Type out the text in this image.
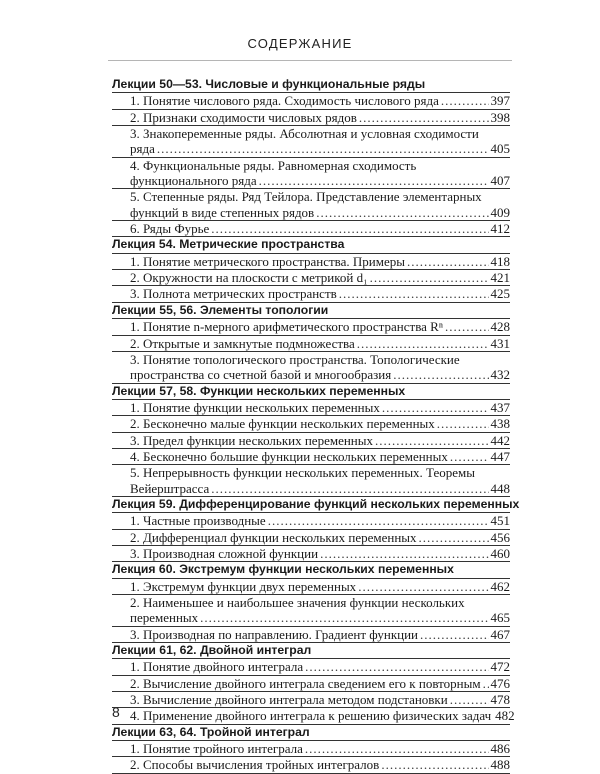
СОДЕРЖАНИЕ
Лекции 50—53. Числовые и функциональные ряды
1. Понятие числового ряда. Сходимость числового ряда .....	397
2. Признаки сходимости числовых рядов .....	398
3. Знакопеременные ряды. Абсолютная и условная сходимости
ряда .....	405
4. Функциональные ряды. Равномерная сходимость
функционального ряда .....	407
5. Степенные ряды. Ряд Тейлора. Представление элементарных
функций в виде степенных рядов .....	409
6. Ряды Фурье .....	412
Лекция 54. Метрические пространства
1. Понятие метрического пространства. Примеры .....	418
2. Окружности на плоскости с метрикой d₁ .....	421
3. Полнота метрических пространств .....	425
Лекции 55, 56. Элементы топологии
1. Понятие n-мерного арифметического пространства Rⁿ .....	428
2. Открытые и замкнутые подмножества .....	431
3. Понятие топологического пространства. Топологические
пространства со счетной базой и многообразия .....	432
Лекции 57, 58. Функции нескольких переменных
1. Понятие функции нескольких переменных .....	437
2. Бесконечно малые функции нескольких переменных .....	438
3. Предел функции нескольких переменных .....	442
4. Бесконечно большие функции нескольких переменных .....	447
5. Непрерывность функции нескольких переменных. Теоремы
Вейерштрасса .....	448
Лекция 59. Дифференцирование функций нескольких переменных
1. Частные производные .....	451
2. Дифференциал функции нескольких переменных .....	456
3. Производная сложной функции .....	460
Лекция 60. Экстремум функции нескольких переменных
1. Экстремум функции двух переменных .....	462
2. Наименьшее и наибольшее значения функции нескольких
переменных .....	465
3. Производная по направлению. Градиент функции .....	467
Лекции 61, 62. Двойной интеграл
1. Понятие двойного интеграла .....	472
2. Вычисление двойного интеграла сведением его к повторным ..... 476
3. Вычисление двойного интеграла методом подстановки .....	478
4. Применение двойного интеграла к решению физических задач 482
Лекции 63, 64. Тройной интеграл
1. Понятие тройного интеграла .....	486
2. Способы вычисления тройных интегралов .....	488
8
